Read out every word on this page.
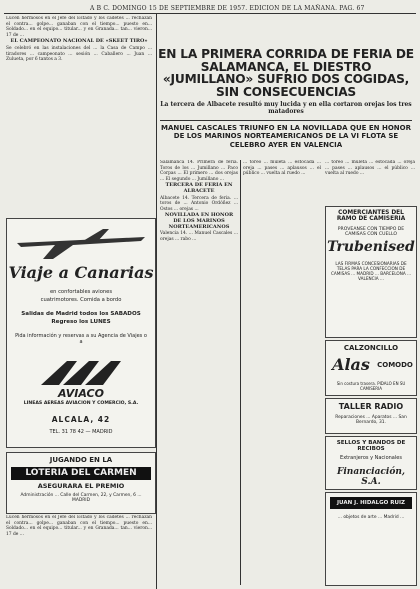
A B C. DOMINGO 15 DE SEPTIEMBRE DE 1957. EDICION DE LA MAÑANA. PAG. 67

Lucen hermosos en el Jefe del Estado y los cadetes ... rechazan el contra... golpe... ganaban con el tiempo... puesto en... Soldado... en el equipo... titular... y en Granada... tan... vieron... 17 de ...

EL CAMPEONATO NACIONAL DE «SKEET TIRO»

Se celebró en las instalaciones del ... la Casa de Campo ... tiradores ... campeonato ... sesión ... Caballero ... Juan ... Zulueta, por 6 tantos a 3.

Viaje a Canarias
en confortables aviones
cuatrimotores. Comida a bordo
Salidas de Madrid todos los SABADOS
Regreso los LUNES
Pida información y reservas a su Agencia de Viajes o a
AVIACO
LINEAS AEREAS AVIACION Y COMERCIO, S.A.
ALCALA, 42
TEL. 31 78 42 — MADRID
JUGANDO EN LA
LOTERIA DEL CARMEN
ASEGURARA EL PREMIO
Administración ... Calle del Carmen, 22, y Carmen, 6 ... MADRID

Lucen hermosos en el Jefe del Estado y los cadetes ... rechazan el contra... golpe... ganaban con el tiempo... puesto en... Soldado... en el equipo... titular... y en Granada... tan... vieron... 17 de ...

EN LA PRIMERA CORRIDA DE FERIA DE SALAMANCA, EL DIESTRO «JUMILLANO» SUFRIO DOS COGIDAS, SIN CONSECUENCIAS
La tercera de Albacete resultó muy lucida y en ella cortaron orejas los tres matadores
MANUEL CASCALES TRIUNFO EN LA NOVILLADA QUE EN HONOR DE LOS MARINOS NORTEAMERICANOS DE LA VI FLOTA SE CELEBRO AYER EN VALENCIA

Salamanca 14. Primera de feria. Toros de los ... Jumillano ... Paco Corpas ... El primero ... dos orejas ... El segundo ... Jumillano ...

TERCERA DE FERIA EN ALBACETE

Albacete 14. Tercera de feria. ... toros de ... Antonio Ordóñez ... Ostos ... orejas ...

NOVILLADA EN HONOR DE LOS MARINOS NORTEAMERICANOS

Valencia 14. ... Manuel Cascales ... orejas ... rabo ...

... toreo ... muleta ... estocada ... oreja ... pases ... aplausos ... el público ... vuelta al ruedo ...

COMERCIANTES DEL RAMO DE CAMISERIA
PROVEANSE CON TIEMPO DE CAMISAS CON CUELLO
Trubenised
LAS FIRMAS CONCESIONARIAS DE TELAS PARA LA CONFECCION DE CAMISAS ... MADRID ... BARCELONA ... VALENCIA ...
CALZONCILLO
Alas	COMODO
Sin costura trasera. PIDALO EN SU CAMISERIA
TALLER RADIO
Reparaciones ... Aparatos ... San Bernardo, 31.
SELLOS Y BANDOS DE RECIBOS
Extranjeros y Nacionales
Financiación, S.A.
JUAN J. HIDALGO RUIZ
... objetos de arte ... Madrid ...

... toreo ... muleta ... estocada ... oreja ... pases ... aplausos ... el público ... vuelta al ruedo ...
